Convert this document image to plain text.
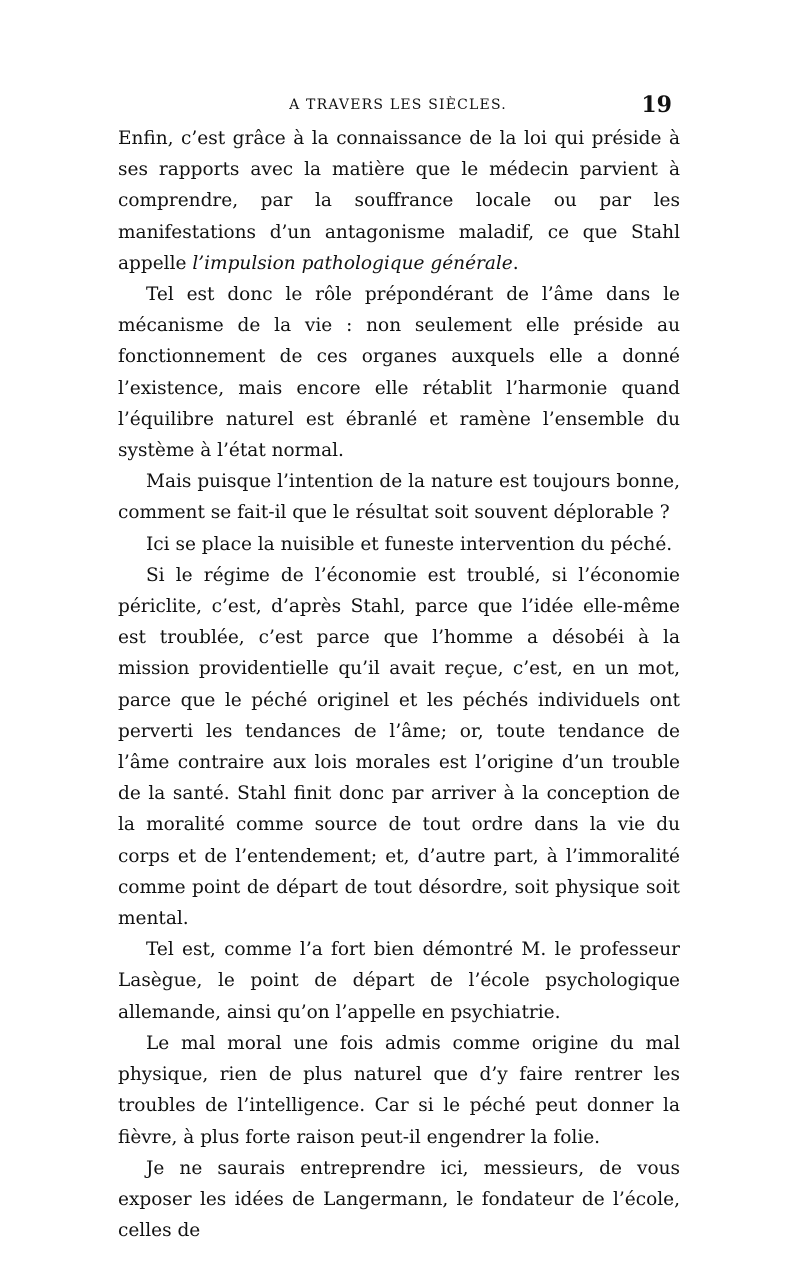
A TRAVERS LES SIÈCLES.	19

Enfin, c’est grâce à la connaissance de la loi qui préside à ses rapports avec la matière que le médecin parvient à comprendre, par la souffrance locale ou par les manifestations d’un antagonisme maladif, ce que Stahl appelle l’impulsion pathologique générale.

Tel est donc le rôle prépondérant de l’âme dans le mécanisme de la vie : non seulement elle préside au fonctionnement de ces organes auxquels elle a donné l’existence, mais encore elle rétablit l’harmonie quand l’équilibre naturel est ébranlé et ramène l’ensemble du système à l’état normal.

Mais puisque l’intention de la nature est toujours bonne, comment se fait-il que le résultat soit souvent déplorable ?

Ici se place la nuisible et funeste intervention du péché.

Si le régime de l’économie est troublé, si l’économie périclite, c’est, d’après Stahl, parce que l’idée elle-même est troublée, c’est parce que l’homme a désobéi à la mission providentielle qu’il avait reçue, c’est, en un mot, parce que le péché originel et les péchés individuels ont perverti les tendances de l’âme; or, toute tendance de l’âme contraire aux lois morales est l’origine d’un trouble de la santé. Stahl finit donc par arriver à la conception de la moralité comme source de tout ordre dans la vie du corps et de l’entendement; et, d’autre part, à l’immoralité comme point de départ de tout désordre, soit physique soit mental.

Tel est, comme l’a fort bien démontré M. le professeur Lasègue, le point de départ de l’école psychologique allemande, ainsi qu’on l’appelle en psychiatrie.

Le mal moral une fois admis comme origine du mal physique, rien de plus naturel que d’y faire rentrer les troubles de l’intelligence. Car si le péché peut donner la fièvre, à plus forte raison peut-il engendrer la folie.

Je ne saurais entreprendre ici, messieurs, de vous exposer les idées de Langermann, le fondateur de l’école, celles de
